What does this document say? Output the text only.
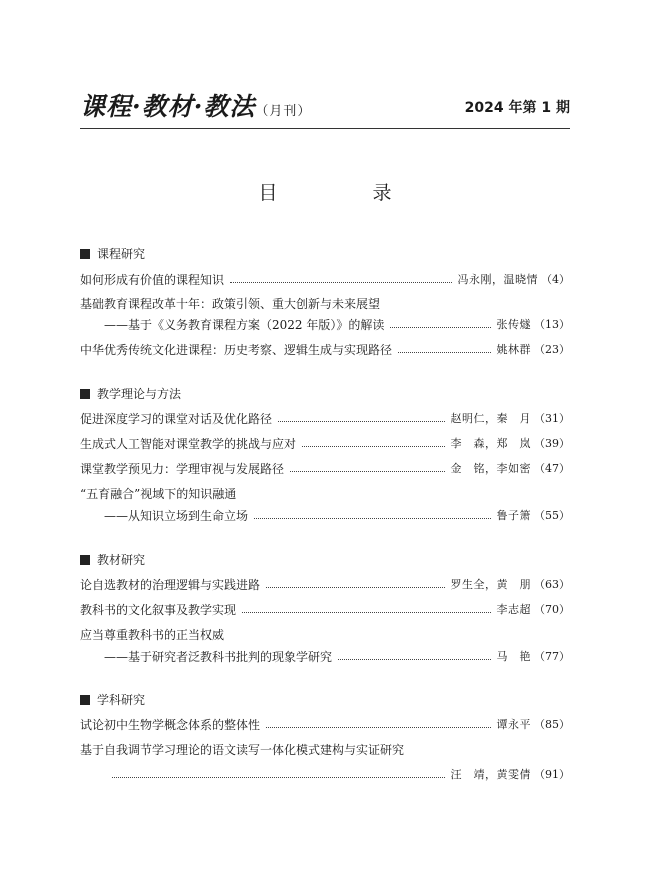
课程·教材·教法（月刊）	2024 年第 1 期
目　录
课程研究
如何形成有价值的课程知识	冯永刚，温晓情 （4）
基础教育课程改革十年：政策引领、重大创新与未来展望
——基于《义务教育课程方案（2022 年版）》的解读	张传燧 （13）
中华优秀传统文化进课程：历史考察、逻辑生成与实现路径	姚林群 （23）
教学理论与方法
促进深度学习的课堂对话及优化路径	赵明仁，秦　月 （31）
生成式人工智能对课堂教学的挑战与应对	李　森，郑　岚 （39）
课堂教学预见力：学理审视与发展路径	金　铭，李如密 （47）
“五育融合”视域下的知识融通
——从知识立场到生命立场	鲁子箫 （55）
教材研究
论自选教材的治理逻辑与实践进路	罗生全，黄　朋 （63）
教科书的文化叙事及教学实现	李志超 （70）
应当尊重教科书的正当权威
——基于研究者泛教科书批判的现象学研究	马　艳 （77）
学科研究
试论初中生物学概念体系的整体性	谭永平 （85）
基于自我调节学习理论的语文读写一体化模式建构与实证研究
汪　靖，黄雯倩 （91）
